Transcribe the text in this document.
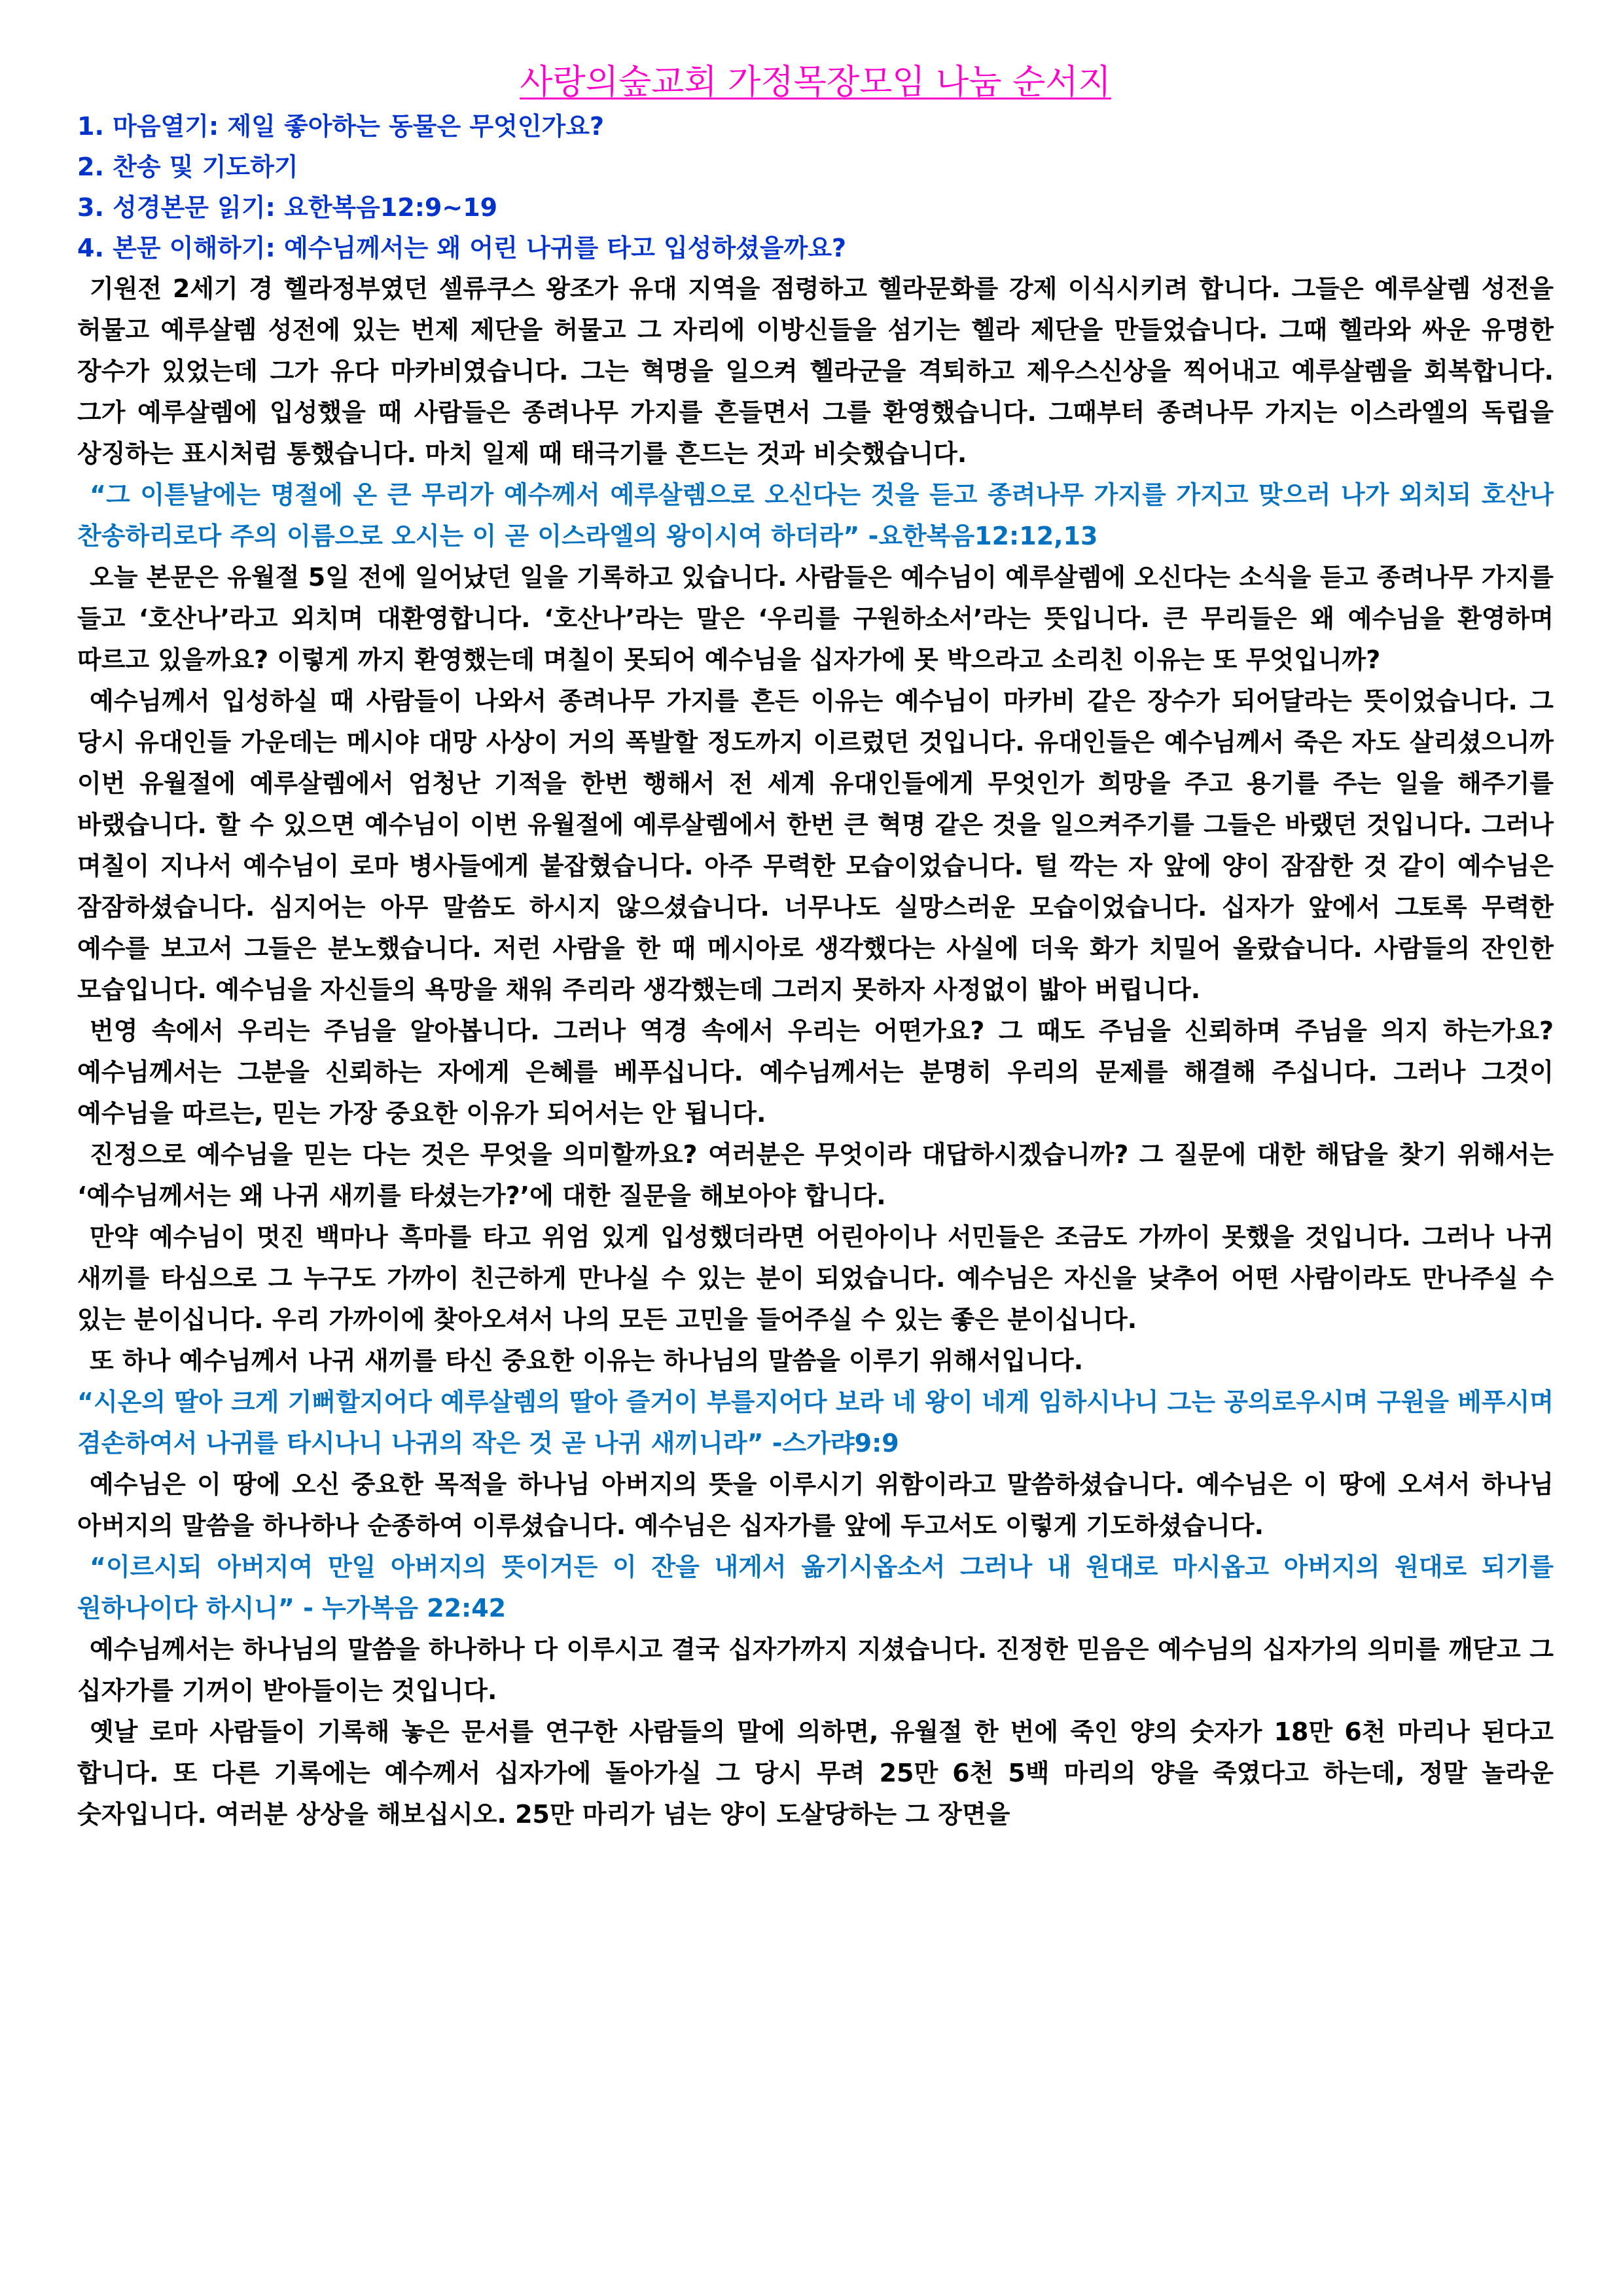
사랑의숲교회 가정목장모임 나눔 순서지
1. 마음열기: 제일 좋아하는 동물은 무엇인가요?
2. 찬송 및 기도하기
3. 성경본문 읽기: 요한복음12:9~19
4. 본문 이해하기: 예수님께서는 왜 어린 나귀를 타고 입성하셨을까요?

기원전 2세기 경 헬라정부였던 셀류쿠스 왕조가 유대 지역을 점령하고 헬라문화를 강제 이식시키려 합니다. 그들은 예루살렘 성전을 허물고 예루살렘 성전에 있는 번제 제단을 허물고 그 자리에 이방신들을 섬기는 헬라 제단을 만들었습니다. 그때 헬라와 싸운 유명한 장수가 있었는데 그가 유다 마카비였습니다. 그는 혁명을 일으켜 헬라군을 격퇴하고 제우스신상을 찍어내고 예루살렘을 회복합니다. 그가 예루살렘에 입성했을 때 사람들은 종려나무 가지를 흔들면서 그를 환영했습니다. 그때부터 종려나무 가지는 이스라엘의 독립을 상징하는 표시처럼 통했습니다. 마치 일제 때 태극기를 흔드는 것과 비슷했습니다.

“그 이튿날에는 명절에 온 큰 무리가 예수께서 예루살렘으로 오신다는 것을 듣고 종려나무 가지를 가지고 맞으러 나가 외치되 호산나 찬송하리로다 주의 이름으로 오시는 이 곧 이스라엘의 왕이시여 하더라” -요한복음12:12,13

오늘 본문은 유월절 5일 전에 일어났던 일을 기록하고 있습니다. 사람들은 예수님이 예루살렘에 오신다는 소식을 듣고 종려나무 가지를 들고 ‘호산나’라고 외치며 대환영합니다. ‘호산나’라는 말은 ‘우리를 구원하소서’라는 뜻입니다. 큰 무리들은 왜 예수님을 환영하며 따르고 있을까요? 이렇게 까지 환영했는데 며칠이 못되어 예수님을 십자가에 못 박으라고 소리친 이유는 또 무엇입니까?

예수님께서 입성하실 때 사람들이 나와서 종려나무 가지를 흔든 이유는 예수님이 마카비 같은 장수가 되어달라는 뜻이었습니다. 그 당시 유대인들 가운데는 메시야 대망 사상이 거의 폭발할 정도까지 이르렀던 것입니다. 유대인들은 예수님께서 죽은 자도 살리셨으니까 이번 유월절에 예루살렘에서 엄청난 기적을 한번 행해서 전 세계 유대인들에게 무엇인가 희망을 주고 용기를 주는 일을 해주기를 바랬습니다. 할 수 있으면 예수님이 이번 유월절에 예루살렘에서 한번 큰 혁명 같은 것을 일으켜주기를 그들은 바랬던 것입니다. 그러나 며칠이 지나서 예수님이 로마 병사들에게 붙잡혔습니다. 아주 무력한 모습이었습니다. 털 깍는 자 앞에 양이 잠잠한 것 같이 예수님은 잠잠하셨습니다. 심지어는 아무 말씀도 하시지 않으셨습니다. 너무나도 실망스러운 모습이었습니다. 십자가 앞에서 그토록 무력한 예수를 보고서 그들은 분노했습니다. 저런 사람을 한 때 메시아로 생각했다는 사실에 더욱 화가 치밀어 올랐습니다. 사람들의 잔인한 모습입니다. 예수님을 자신들의 욕망을 채워 주리라 생각했는데 그러지 못하자 사정없이 밟아 버립니다.

번영 속에서 우리는 주님을 알아봅니다. 그러나 역경 속에서 우리는 어떤가요? 그 때도 주님을 신뢰하며 주님을 의지 하는가요? 예수님께서는 그분을 신뢰하는 자에게 은혜를 베푸십니다. 예수님께서는 분명히 우리의 문제를 해결해 주십니다. 그러나 그것이 예수님을 따르는, 믿는 가장 중요한 이유가 되어서는 안 됩니다.

진정으로 예수님을 믿는 다는 것은 무엇을 의미할까요? 여러분은 무엇이라 대답하시겠습니까? 그 질문에 대한 해답을 찾기 위해서는 ‘예수님께서는 왜 나귀 새끼를 타셨는가?’에 대한 질문을 해보아야 합니다.

만약 예수님이 멋진 백마나 흑마를 타고 위엄 있게 입성했더라면 어린아이나 서민들은 조금도 가까이 못했을 것입니다. 그러나 나귀 새끼를 타심으로 그 누구도 가까이 친근하게 만나실 수 있는 분이 되었습니다. 예수님은 자신을 낮추어 어떤 사람이라도 만나주실 수 있는 분이십니다. 우리 가까이에 찾아오셔서 나의 모든 고민을 들어주실 수 있는 좋은 분이십니다.

또 하나 예수님께서 나귀 새끼를 타신 중요한 이유는 하나님의 말씀을 이루기 위해서입니다.

“시온의 딸아 크게 기뻐할지어다 예루살렘의 딸아 즐거이 부를지어다 보라 네 왕이 네게 임하시나니 그는 공의로우시며 구원을 베푸시며 겸손하여서 나귀를 타시나니 나귀의 작은 것 곧 나귀 새끼니라” -스가랴9:9

예수님은 이 땅에 오신 중요한 목적을 하나님 아버지의 뜻을 이루시기 위함이라고 말씀하셨습니다. 예수님은 이 땅에 오셔서 하나님 아버지의 말씀을 하나하나 순종하여 이루셨습니다. 예수님은 십자가를 앞에 두고서도 이렇게 기도하셨습니다.

“이르시되 아버지여 만일 아버지의 뜻이거든 이 잔을 내게서 옮기시옵소서 그러나 내 원대로 마시옵고 아버지의 원대로 되기를 원하나이다 하시니” - 누가복음 22:42

예수님께서는 하나님의 말씀을 하나하나 다 이루시고 결국 십자가까지 지셨습니다. 진정한 믿음은 예수님의 십자가의 의미를 깨닫고 그 십자가를 기꺼이 받아들이는 것입니다.

옛날 로마 사람들이 기록해 놓은 문서를 연구한 사람들의 말에 의하면, 유월절 한 번에 죽인 양의 숫자가 18만 6천 마리나 된다고 합니다. 또 다른 기록에는 예수께서 십자가에 돌아가실 그 당시 무려 25만 6천 5백 마리의 양을 죽였다고 하는데, 정말 놀라운 숫자입니다. 여러분 상상을 해보십시오. 25만 마리가 넘는 양이 도살당하는 그 장면을
